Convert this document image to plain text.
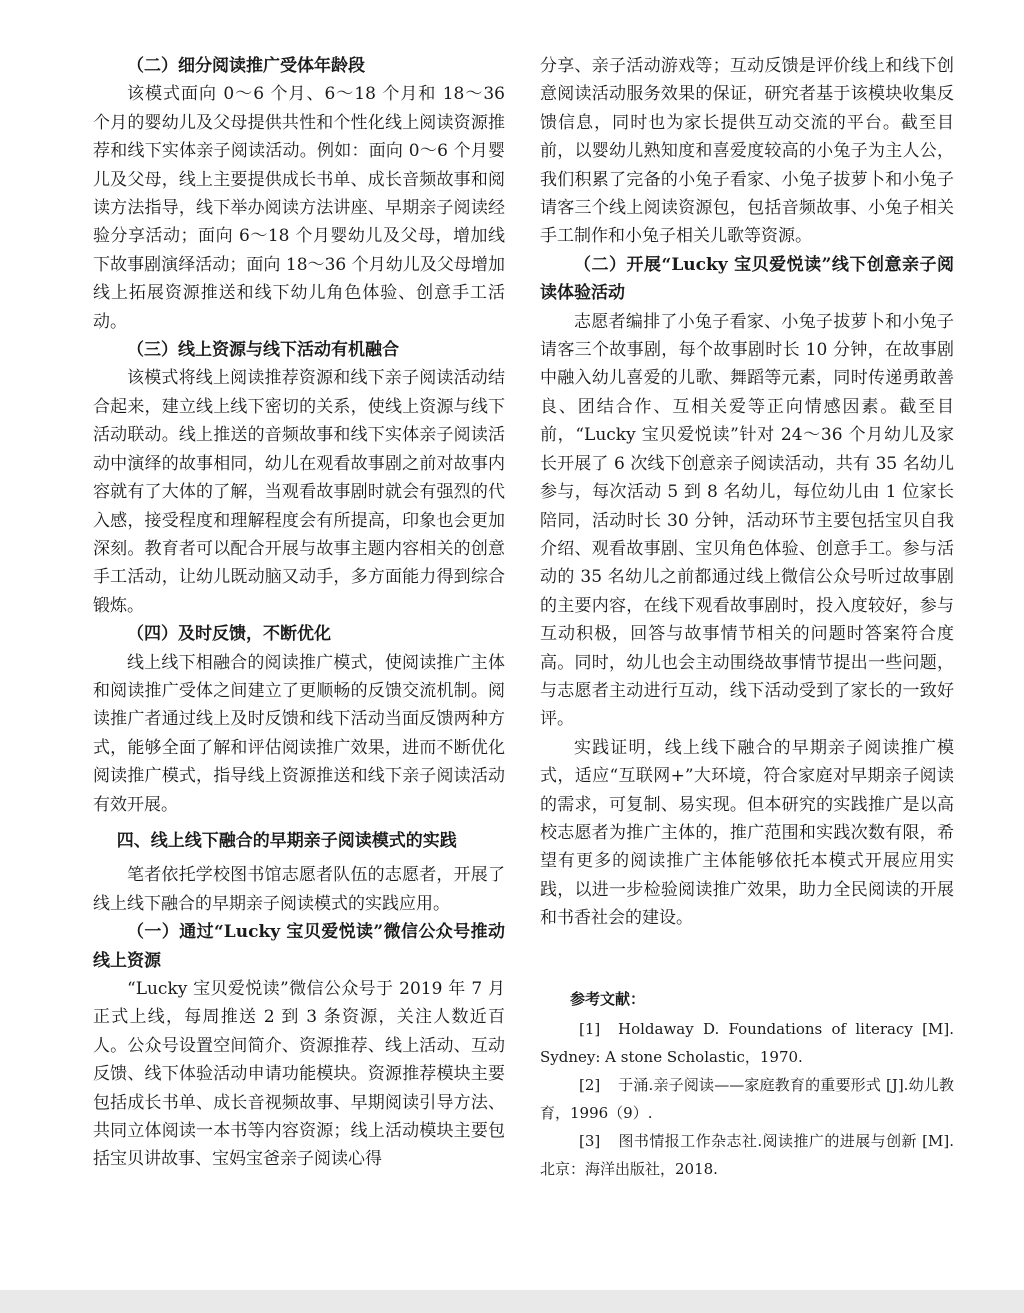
（二）细分阅读推广受体年龄段

该模式面向 0～6 个月、6～18 个月和 18～36 个月的婴幼儿及父母提供共性和个性化线上阅读资源推荐和线下实体亲子阅读活动。例如：面向 0～6 个月婴儿及父母，线上主要提供成长书单、成长音频故事和阅读方法指导，线下举办阅读方法讲座、早期亲子阅读经验分享活动；面向 6～18 个月婴幼儿及父母，增加线下故事剧演绎活动；面向 18～36 个月幼儿及父母增加线上拓展资源推送和线下幼儿角色体验、创意手工活动。

（三）线上资源与线下活动有机融合

该模式将线上阅读推荐资源和线下亲子阅读活动结合起来，建立线上线下密切的关系，使线上资源与线下活动联动。线上推送的音频故事和线下实体亲子阅读活动中演绎的故事相同，幼儿在观看故事剧之前对故事内容就有了大体的了解，当观看故事剧时就会有强烈的代入感，接受程度和理解程度会有所提高，印象也会更加深刻。教育者可以配合开展与故事主题内容相关的创意手工活动，让幼儿既动脑又动手，多方面能力得到综合锻炼。

（四）及时反馈，不断优化

线上线下相融合的阅读推广模式，使阅读推广主体和阅读推广受体之间建立了更顺畅的反馈交流机制。阅读推广者通过线上及时反馈和线下活动当面反馈两种方式，能够全面了解和评估阅读推广效果，进而不断优化阅读推广模式，指导线上资源推送和线下亲子阅读活动有效开展。

四、线上线下融合的早期亲子阅读模式的实践

笔者依托学校图书馆志愿者队伍的志愿者，开展了线上线下融合的早期亲子阅读模式的实践应用。

（一）通过“Lucky 宝贝爱悦读”微信公众号推动线上资源

“Lucky 宝贝爱悦读”微信公众号于 2019 年 7 月正式上线，每周推送 2 到 3 条资源，关注人数近百人。公众号设置空间简介、资源推荐、线上活动、互动反馈、线下体验活动申请功能模块。资源推荐模块主要包括成长书单、成长音视频故事、早期阅读引导方法、共同立体阅读一本书等内容资源；线上活动模块主要包括宝贝讲故事、宝妈宝爸亲子阅读心得

分享、亲子活动游戏等；互动反馈是评价线上和线下创意阅读活动服务效果的保证，研究者基于该模块收集反馈信息，同时也为家长提供互动交流的平台。截至目前，以婴幼儿熟知度和喜爱度较高的小兔子为主人公，我们积累了完备的小兔子看家、小兔子拔萝卜和小兔子请客三个线上阅读资源包，包括音频故事、小兔子相关手工制作和小兔子相关儿歌等资源。

（二）开展“Lucky 宝贝爱悦读”线下创意亲子阅读体验活动

志愿者编排了小兔子看家、小兔子拔萝卜和小兔子请客三个故事剧，每个故事剧时长 10 分钟，在故事剧中融入幼儿喜爱的儿歌、舞蹈等元素，同时传递勇敢善良、团结合作、互相关爱等正向情感因素。截至目前，“Lucky 宝贝爱悦读”针对 24～36 个月幼儿及家长开展了 6 次线下创意亲子阅读活动，共有 35 名幼儿参与，每次活动 5 到 8 名幼儿，每位幼儿由 1 位家长陪同，活动时长 30 分钟，活动环节主要包括宝贝自我介绍、观看故事剧、宝贝角色体验、创意手工。参与活动的 35 名幼儿之前都通过线上微信公众号听过故事剧的主要内容，在线下观看故事剧时，投入度较好，参与互动积极，回答与故事情节相关的问题时答案符合度高。同时，幼儿也会主动围绕故事情节提出一些问题，与志愿者主动进行互动，线下活动受到了家长的一致好评。

实践证明，线上线下融合的早期亲子阅读推广模式，适应“互联网+”大环境，符合家庭对早期亲子阅读的需求，可复制、易实现。但本研究的实践推广是以高校志愿者为推广主体的，推广范围和实践次数有限，希望有更多的阅读推广主体能够依托本模式开展应用实践，以进一步检验阅读推广效果，助力全民阅读的开展和书香社会的建设。

参考文献：

[1] Holdaway D. Foundations of literacy [M]. Sydney: A stone Scholastic，1970.

[2] 于涌.亲子阅读——家庭教育的重要形式 [J].幼儿教育，1996（9）.

[3] 图书情报工作杂志社.阅读推广的进展与创新 [M].北京：海洋出版社，2018.
